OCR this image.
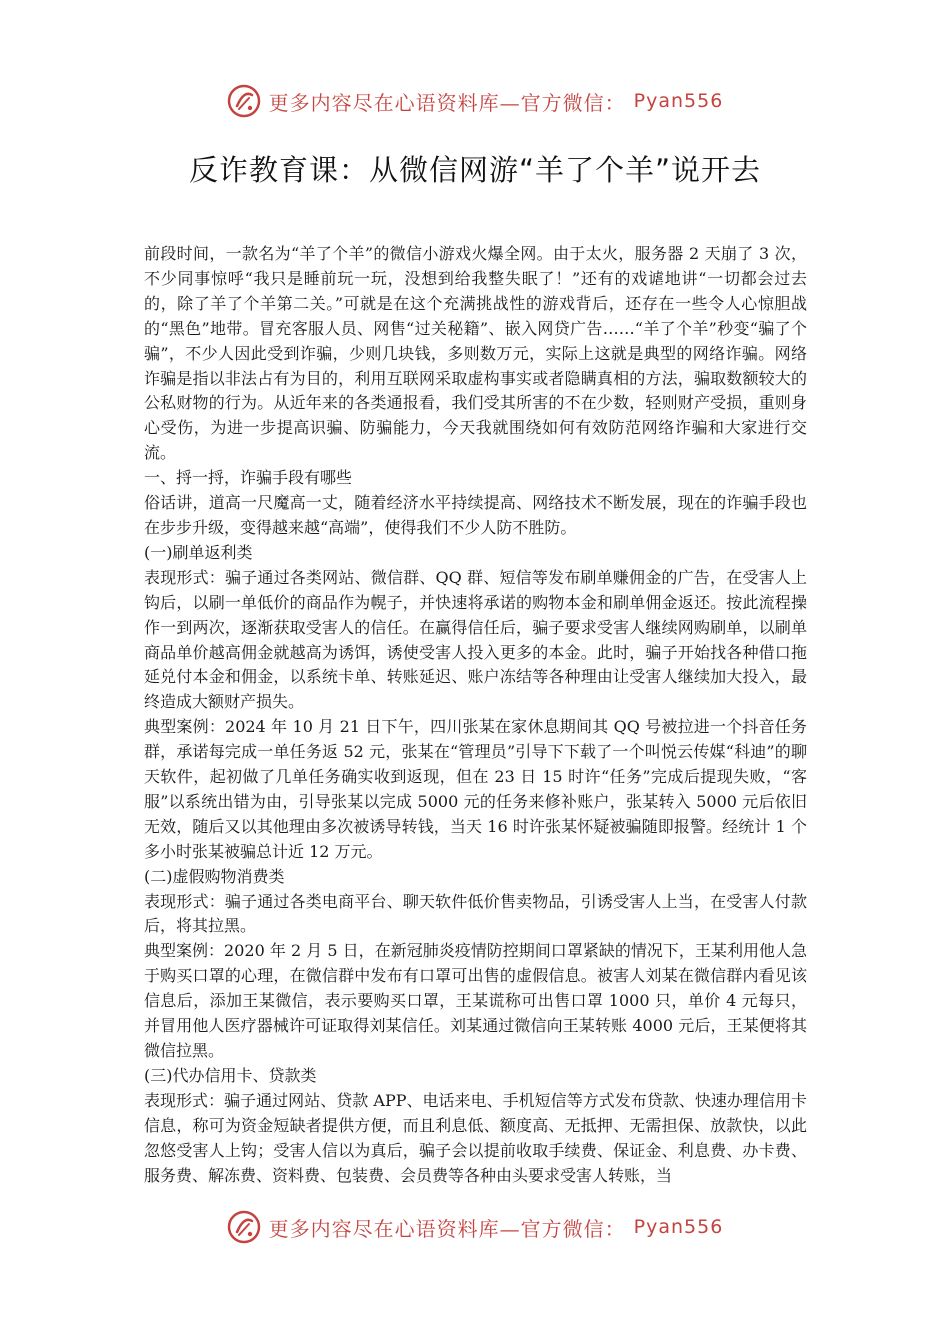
更多内容尽在心语资料库—官方微信： Pyan556
反诈教育课：从微信网游“羊了个羊”说开去

前段时间，一款名为“羊了个羊”的微信小游戏火爆全网。由于太火，服务器 2 天崩了 3 次，不少同事惊呼“我只是睡前玩一玩，没想到给我整失眠了！”还有的戏谑地讲“一切都会过去的，除了羊了个羊第二关。”可就是在这个充满挑战性的游戏背后，还存在一些令人心惊胆战的“黑色”地带。冒充客服人员、网售“过关秘籍”、嵌入网贷广告……“羊了个羊”秒变“骗了个骗”，不少人因此受到诈骗，少则几块钱，多则数万元，实际上这就是典型的网络诈骗。网络诈骗是指以非法占有为目的，利用互联网采取虚构事实或者隐瞒真相的方法，骗取数额较大的公私财物的行为。从近年来的各类通报看，我们受其所害的不在少数，轻则财产受损，重则身心受伤，为进一步提高识骗、防骗能力，今天我就围绕如何有效防范网络诈骗和大家进行交流。

一、捋一捋，诈骗手段有哪些

俗话讲，道高一尺魔高一丈，随着经济水平持续提高、网络技术不断发展，现在的诈骗手段也在步步升级，变得越来越“高端”，使得我们不少人防不胜防。

(一)刷单返利类

表现形式：骗子通过各类网站、微信群、QQ 群、短信等发布刷单赚佣金的广告，在受害人上钩后，以刷一单低价的商品作为幌子，并快速将承诺的购物本金和刷单佣金返还。按此流程操作一到两次，逐渐获取受害人的信任。在赢得信任后，骗子要求受害人继续网购刷单，以刷单商品单价越高佣金就越高为诱饵，诱使受害人投入更多的本金。此时，骗子开始找各种借口拖延兑付本金和佣金，以系统卡单、转账延迟、账户冻结等各种理由让受害人继续加大投入，最终造成大额财产损失。

典型案例：2024 年 10 月 21 日下午，四川张某在家休息期间其 QQ 号被拉进一个抖音任务群，承诺每完成一单任务返 52 元，张某在“管理员”引导下下载了一个叫悦云传媒“科迪”的聊天软件，起初做了几单任务确实收到返现，但在 23 日 15 时许“任务”完成后提现失败，“客服”以系统出错为由，引导张某以完成 5000 元的任务来修补账户，张某转入 5000 元后依旧无效，随后又以其他理由多次被诱导转钱，当天 16 时许张某怀疑被骗随即报警。经统计 1 个多小时张某被骗总计近 12 万元。

(二)虚假购物消费类

表现形式：骗子通过各类电商平台、聊天软件低价售卖物品，引诱受害人上当，在受害人付款后，将其拉黑。

典型案例：2020 年 2 月 5 日，在新冠肺炎疫情防控期间口罩紧缺的情况下，王某利用他人急于购买口罩的心理，在微信群中发布有口罩可出售的虚假信息。被害人刘某在微信群内看见该信息后，添加王某微信，表示要购买口罩，王某谎称可出售口罩 1000 只，单价 4 元每只，并冒用他人医疗器械许可证取得刘某信任。刘某通过微信向王某转账 4000 元后，王某便将其微信拉黑。

(三)代办信用卡、贷款类

表现形式：骗子通过网站、贷款 APP、电话来电、手机短信等方式发布贷款、快速办理信用卡信息，称可为资金短缺者提供方便，而且利息低、额度高、无抵押、无需担保、放款快，以此忽悠受害人上钩；受害人信以为真后，骗子会以提前收取手续费、保证金、利息费、办卡费、服务费、解冻费、资料费、包装费、会员费等各种由头要求受害人转账，当

更多内容尽在心语资料库—官方微信： Pyan556
